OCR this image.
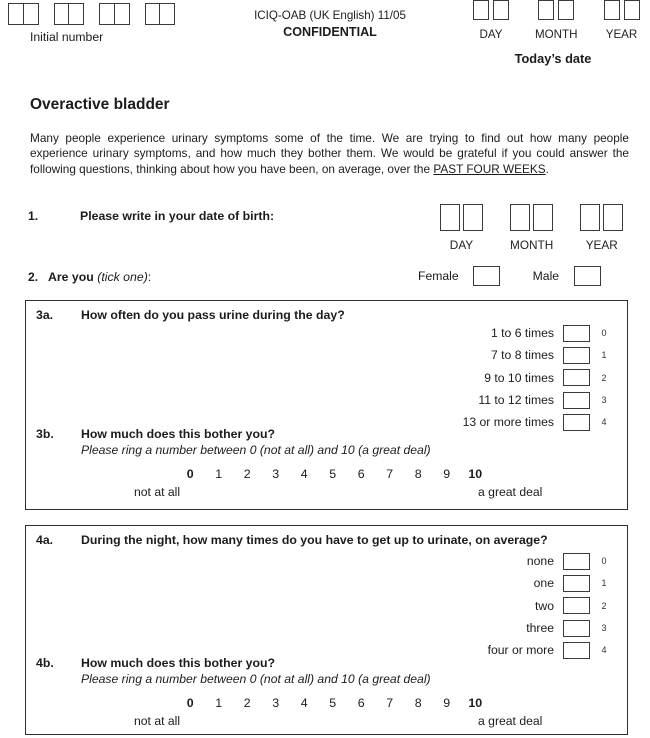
Initial number
ICIQ-OAB (UK English) 11/05
CONFIDENTIAL	DAY	MONTH YEAR
Today’s date
Overactive bladder

Many people experience urinary symptoms some of the time. We are trying to find out how many people experience urinary symptoms, and how much they bother them. We would be grateful if you could answer the following questions, thinking about how you have been, on average, over the PAST FOUR WEEKS.

1.	Please write in your date of birth:
DAY	MONTH	YEAR
2. Are you (tick one):	Female	Male
3a.	How often do you pass urine during the day?
1 to 6 times	0
7 to 8 times	1
9 to 10 times	2
11 to 12 times	3
13 or more times	4
3b.	How much does this bother you?
Please ring a number between 0 (not at all) and 10 (a great deal)
0	1	2	3	4	5	6	7	8	9	10
not at all	a great deal
4a.	During the night, how many times do you have to get up to urinate, on average?
none	0
one	1
two	2
three	3
four or more	4
4b.	How much does this bother you?
Please ring a number between 0 (not at all) and 10 (a great deal)
0	1	2	3	4	5	6	7	8	9	10
not at all	a great deal
